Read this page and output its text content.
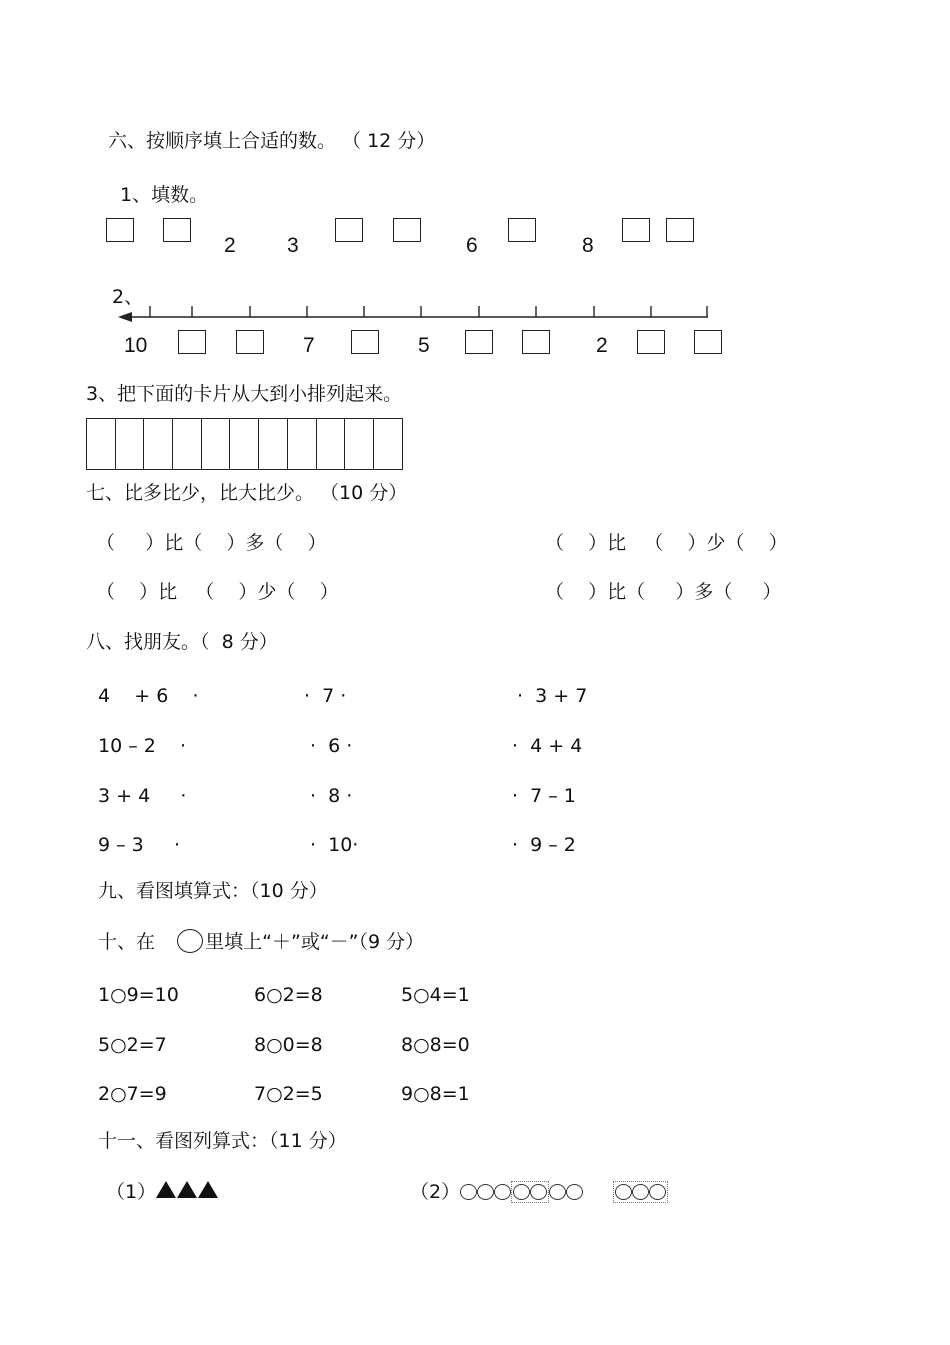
六、按顺序填上合适的数。 （ 12 分）
1、填数。
2 3	6	8
2、
10	7	5	2
3、把下面的卡片从大到小排列起来。
七、比多比少，比大比少。 （10 分）
（     ）比（    ）多（    ）	（    ）比   （    ）少（    ）
（    ）比   （    ）少（    ）	（    ）比（     ）多（     ）
八、找朋友。（  8 分）
4    + 6    ·	·  7 ·	·  3 + 7
10 – 2    ·	·  6 ·	·  4 + 4
3 + 4     ·	·  8 ·	·  7 – 1
9 – 3     ·	·  10·	·  9 – 2
九、看图填算式：（10 分）
十、在	里填上“＋”或“－”（9 分）
1○9=10	6○2=8	5○4=1
5○2=7	8○0=8	8○8=0
2○7=9	7○2=5	9○8=1
十一、看图列算式：（11 分）
（1）	（2）
